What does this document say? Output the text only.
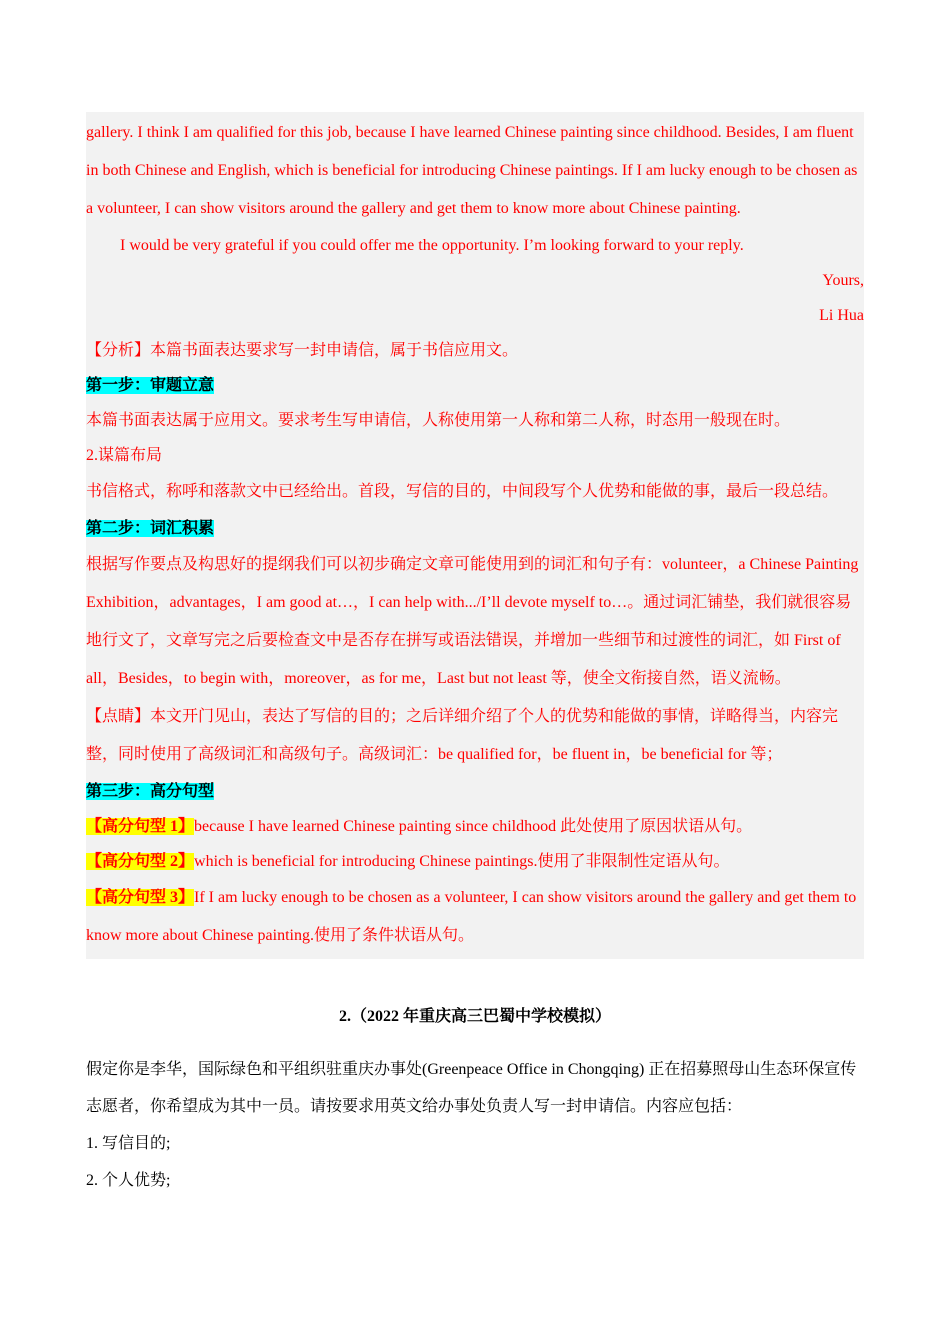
gallery. I think I am qualified for this job, because I have learned Chinese painting since childhood. Besides, I am fluent in both Chinese and English, which is beneficial for introducing Chinese paintings. If I am lucky enough to be chosen as a volunteer, I can show visitors around the gallery and get them to know more about Chinese painting.

I would be very grateful if you could offer me the opportunity. I’m looking forward to your reply.

Yours,

Li Hua

【分析】本篇书面表达要求写一封申请信，属于书信应用文。

第一步：审题立意

本篇书面表达属于应用文。要求考生写申请信，人称使用第一人称和第二人称，时态用一般现在时。

2.谋篇布局

书信格式，称呼和落款文中已经给出。首段，写信的目的，中间段写个人优势和能做的事，最后一段总结。

第二步：词汇积累

根据写作要点及构思好的提纲我们可以初步确定文章可能使用到的词汇和句子有：volunteer，a Chinese Painting Exhibition，advantages，I am good at…，I can help with.../I’ll devote myself to…。通过词汇铺垫，我们就很容易地行文了，文章写完之后要检查文中是否存在拼写或语法错误，并增加一些细节和过渡性的词汇，如 First of all，Besides，to begin with，moreover，as for me，Last but not least 等，使全文衔接自然，语义流畅。

【点睛】本文开门见山，表达了写信的目的；之后详细介绍了个人的优势和能做的事情，详略得当，内容完整，同时使用了高级词汇和高级句子。高级词汇：be qualified for，be fluent in，be beneficial for 等；

第三步：高分句型

【高分句型 1】because I have learned Chinese painting since childhood 此处使用了原因状语从句。

【高分句型 2】which is beneficial for introducing Chinese paintings.使用了非限制性定语从句。

【高分句型 3】If I am lucky enough to be chosen as a volunteer, I can show visitors around the gallery and get them to know more about Chinese painting.使用了条件状语从句。

2.（2022 年重庆高三巴蜀中学校模拟）

假定你是李华，国际绿色和平组织驻重庆办事处(Greenpeace Office in Chongqing) 正在招募照母山生态环保宣传志愿者，你希望成为其中一员。请按要求用英文给办事处负责人写一封申请信。内容应包括：

1. 写信目的;

2. 个人优势;
